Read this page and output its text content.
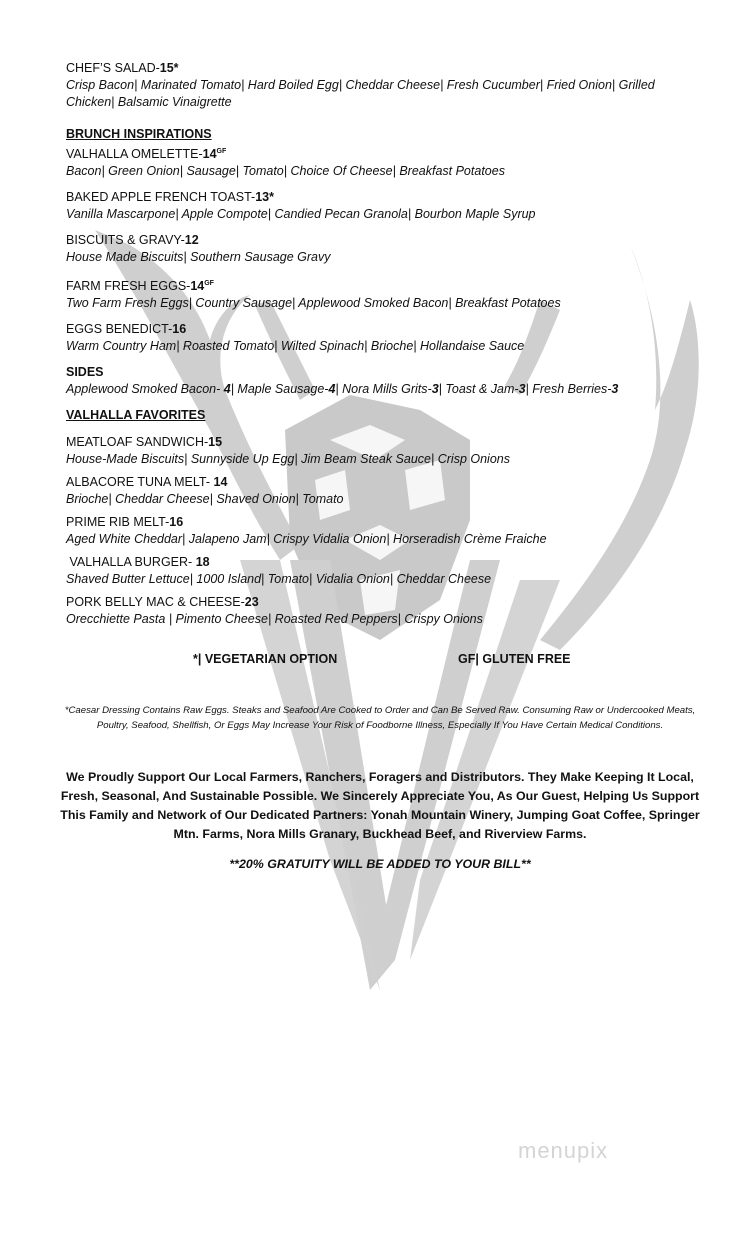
CHEF’S SALAD-15*
Crisp Bacon| Marinated Tomato| Hard Boiled Egg| Cheddar Cheese| Fresh Cucumber| Fried Onion| Grilled Chicken| Balsamic Vinaigrette
BRUNCH INSPIRATIONS
VALHALLA OMELETTE-$14^{GF}$
Bacon| Green Onion| Sausage| Tomato| Choice Of Cheese| Breakfast Potatoes
BAKED APPLE FRENCH TOAST-13*
Vanilla Mascarpone| Apple Compote| Candied Pecan Granola| Bourbon Maple Syrup
BISCUITS & GRAVY-12
House Made Biscuits| Southern Sausage Gravy
FARM FRESH EGGS-$14^{GF}$
Two Farm Fresh Eggs| Country Sausage| Applewood Smoked Bacon| Breakfast Potatoes
EGGS BENEDICT-16
Warm Country Ham| Roasted Tomato| Wilted Spinach| Brioche| Hollandaise Sauce
SIDES
Applewood Smoked Bacon- 4| Maple Sausage-4| Nora Mills Grits-3| Toast & Jam-3| Fresh Berries-3
VALHALLA FAVORITES
MEATLOAF SANDWICH-15
House-Made Biscuits| Sunnyside Up Egg| Jim Beam Steak Sauce| Crisp Onions
ALBACORE TUNA MELT- 14
Brioche| Cheddar Cheese| Shaved Onion| Tomato
PRIME RIB MELT-16
Aged White Cheddar| Jalapeno Jam| Crispy Vidalia Onion| Horseradish Crème Fraiche
VALHALLA BURGER- 18
Shaved Butter Lettuce| 1000 Island| Tomato| Vidalia Onion| Cheddar Cheese
PORK BELLY MAC & CHEESE-23
Orecchiette Pasta | Pimento Cheese| Roasted Red Peppers| Crispy Onions
*| VEGETARIAN OPTION	GF| GLUTEN FREE
*Caesar Dressing Contains Raw Eggs. Steaks and Seafood Are Cooked to Order and Can Be Served Raw. Consuming Raw or Undercooked Meats, Poultry, Seafood, Shellfish, Or Eggs May Increase Your Risk of Foodborne Illness, Especially If You Have Certain Medical Conditions.
We Proudly Support Our Local Farmers, Ranchers, Foragers and Distributors. They Make Keeping It Local, Fresh, Seasonal, And Sustainable Possible. We Sincerely Appreciate You, As Our Guest, Helping Us Support This Family and Network of Our Dedicated Partners: Yonah Mountain Winery, Jumping Goat Coffee, Springer Mtn. Farms, Nora Mills Granary, Buckhead Beef, and Riverview Farms.
**20% GRATUITY WILL BE ADDED TO YOUR BILL**
menupix
